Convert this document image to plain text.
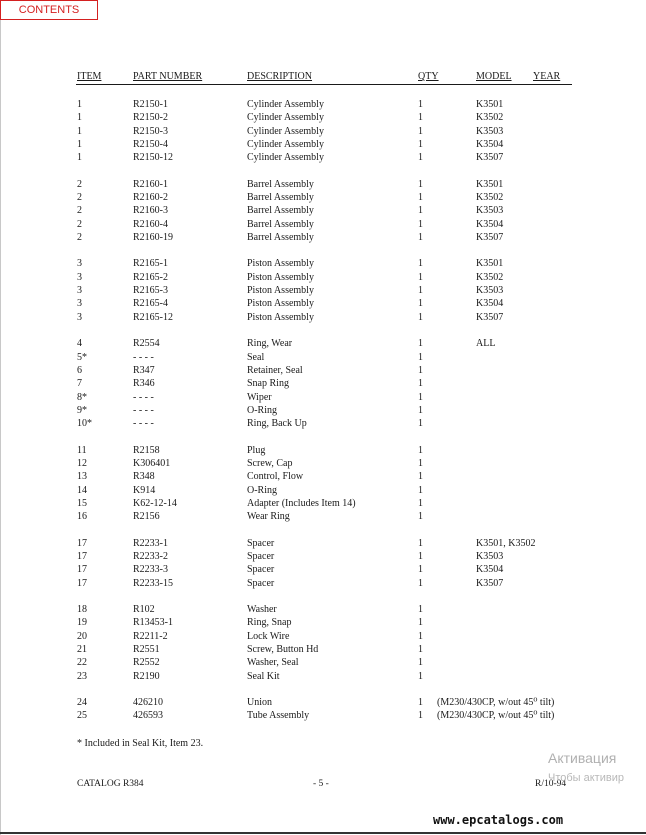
CONTENTS
ITEM	PART NUMBER	DESCRIPTION	QTY	MODEL YEAR
1	R2150-1	Cylinder Assembly	1	K3501
1	R2150-2	Cylinder Assembly	1	K3502
1	R2150-3	Cylinder Assembly	1	K3503
1	R2150-4	Cylinder Assembly	1	K3504
1	R2150-12	Cylinder Assembly	1	K3507
2	R2160-1	Barrel Assembly	1	K3501
2	R2160-2	Barrel Assembly	1	K3502
2	R2160-3	Barrel Assembly	1	K3503
2	R2160-4	Barrel Assembly	1	K3504
2	R2160-19	Barrel Assembly	1	K3507
3	R2165-1	Piston Assembly	1	K3501
3	R2165-2	Piston Assembly	1	K3502
3	R2165-3	Piston Assembly	1	K3503
3	R2165-4	Piston Assembly	1	K3504
3	R2165-12	Piston Assembly	1	K3507
4	R2554	Ring, Wear	1	ALL
5*	- - - -	Seal	1
6	R347	Retainer, Seal	1
7	R346	Snap Ring	1
8*	- - - -	Wiper	1
9*	- - - -	O-Ring	1
10*	- - - -	Ring, Back Up	1
11	R2158	Plug	1
12	K306401	Screw, Cap	1
13	R348	Control, Flow	1
14	K914	O-Ring	1
15	K62-12-14	Adapter (Includes Item 14)	1
16	R2156	Wear Ring	1
17	R2233-1	Spacer	1	K3501, K3502
17	R2233-2	Spacer	1	K3503
17	R2233-3	Spacer	1	K3504
17	R2233-15	Spacer	1	K3507
18	R102	Washer	1
19	R13453-1	Ring, Snap	1
20	R2211-2	Lock Wire	1
21	R2551	Screw, Button Hd	1
22	R2552	Washer, Seal	1
23	R2190	Seal Kit	1
24	426210	Union	1 (M230/430CP, w/out 45⁰ tilt)
25	426593	Tube Assembly	1 (M230/430CP, w/out 45⁰ tilt)
* Included in Seal Kit, Item 23.
CATALOG R384	- 5 -	R/10-94
Активация
Чтобы активир
www.epcatalogs.com
